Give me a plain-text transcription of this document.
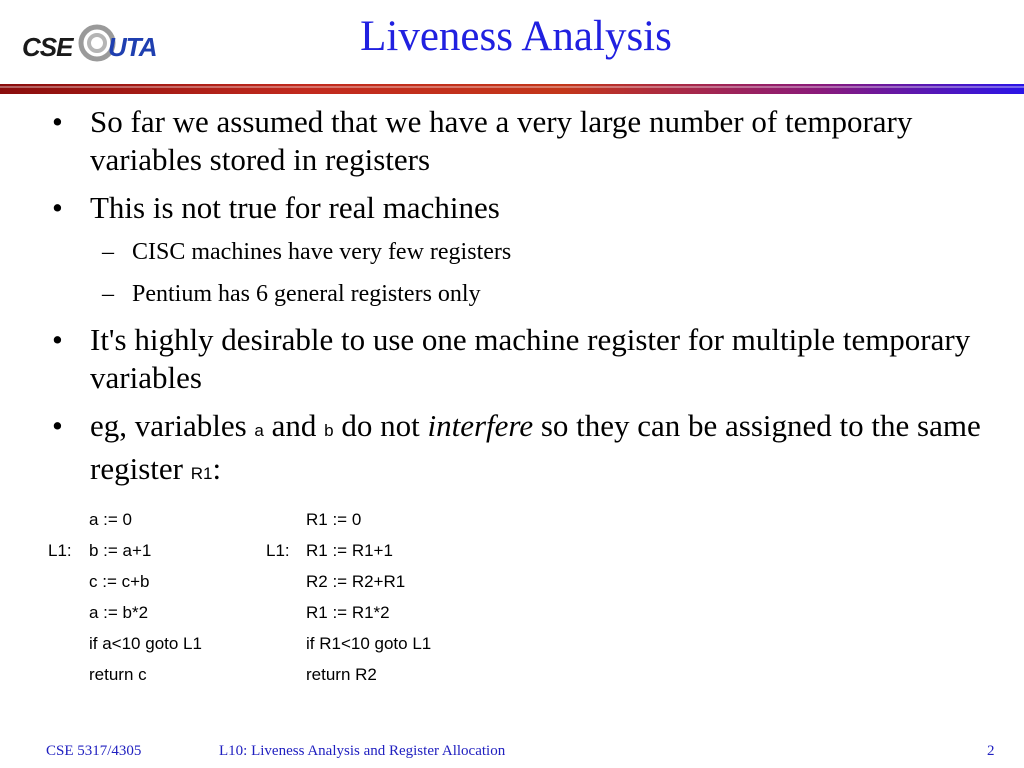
CSE UTA	Liveness Analysis
• So far we assumed that we have a very large number of temporary variables stored in registers
• This is not true for real machines
– CISC machines have very few registers
– Pentium has 6 general registers only
• It's highly desirable to use one machine register for multiple temporary variables
• eg, variables a and b do not interfere so they can be assigned to the same register R1:
a := 0	R1 := 0
L1: b := a+1	L1: R1 := R1+1
c := c+b	R2 := R2+R1
a := b*2	R1 := R1*2
if a<10 goto L1	if R1<10 goto L1
return c	return R2
CSE 5317/4305	L10: Liveness Analysis and Register Allocation	2
